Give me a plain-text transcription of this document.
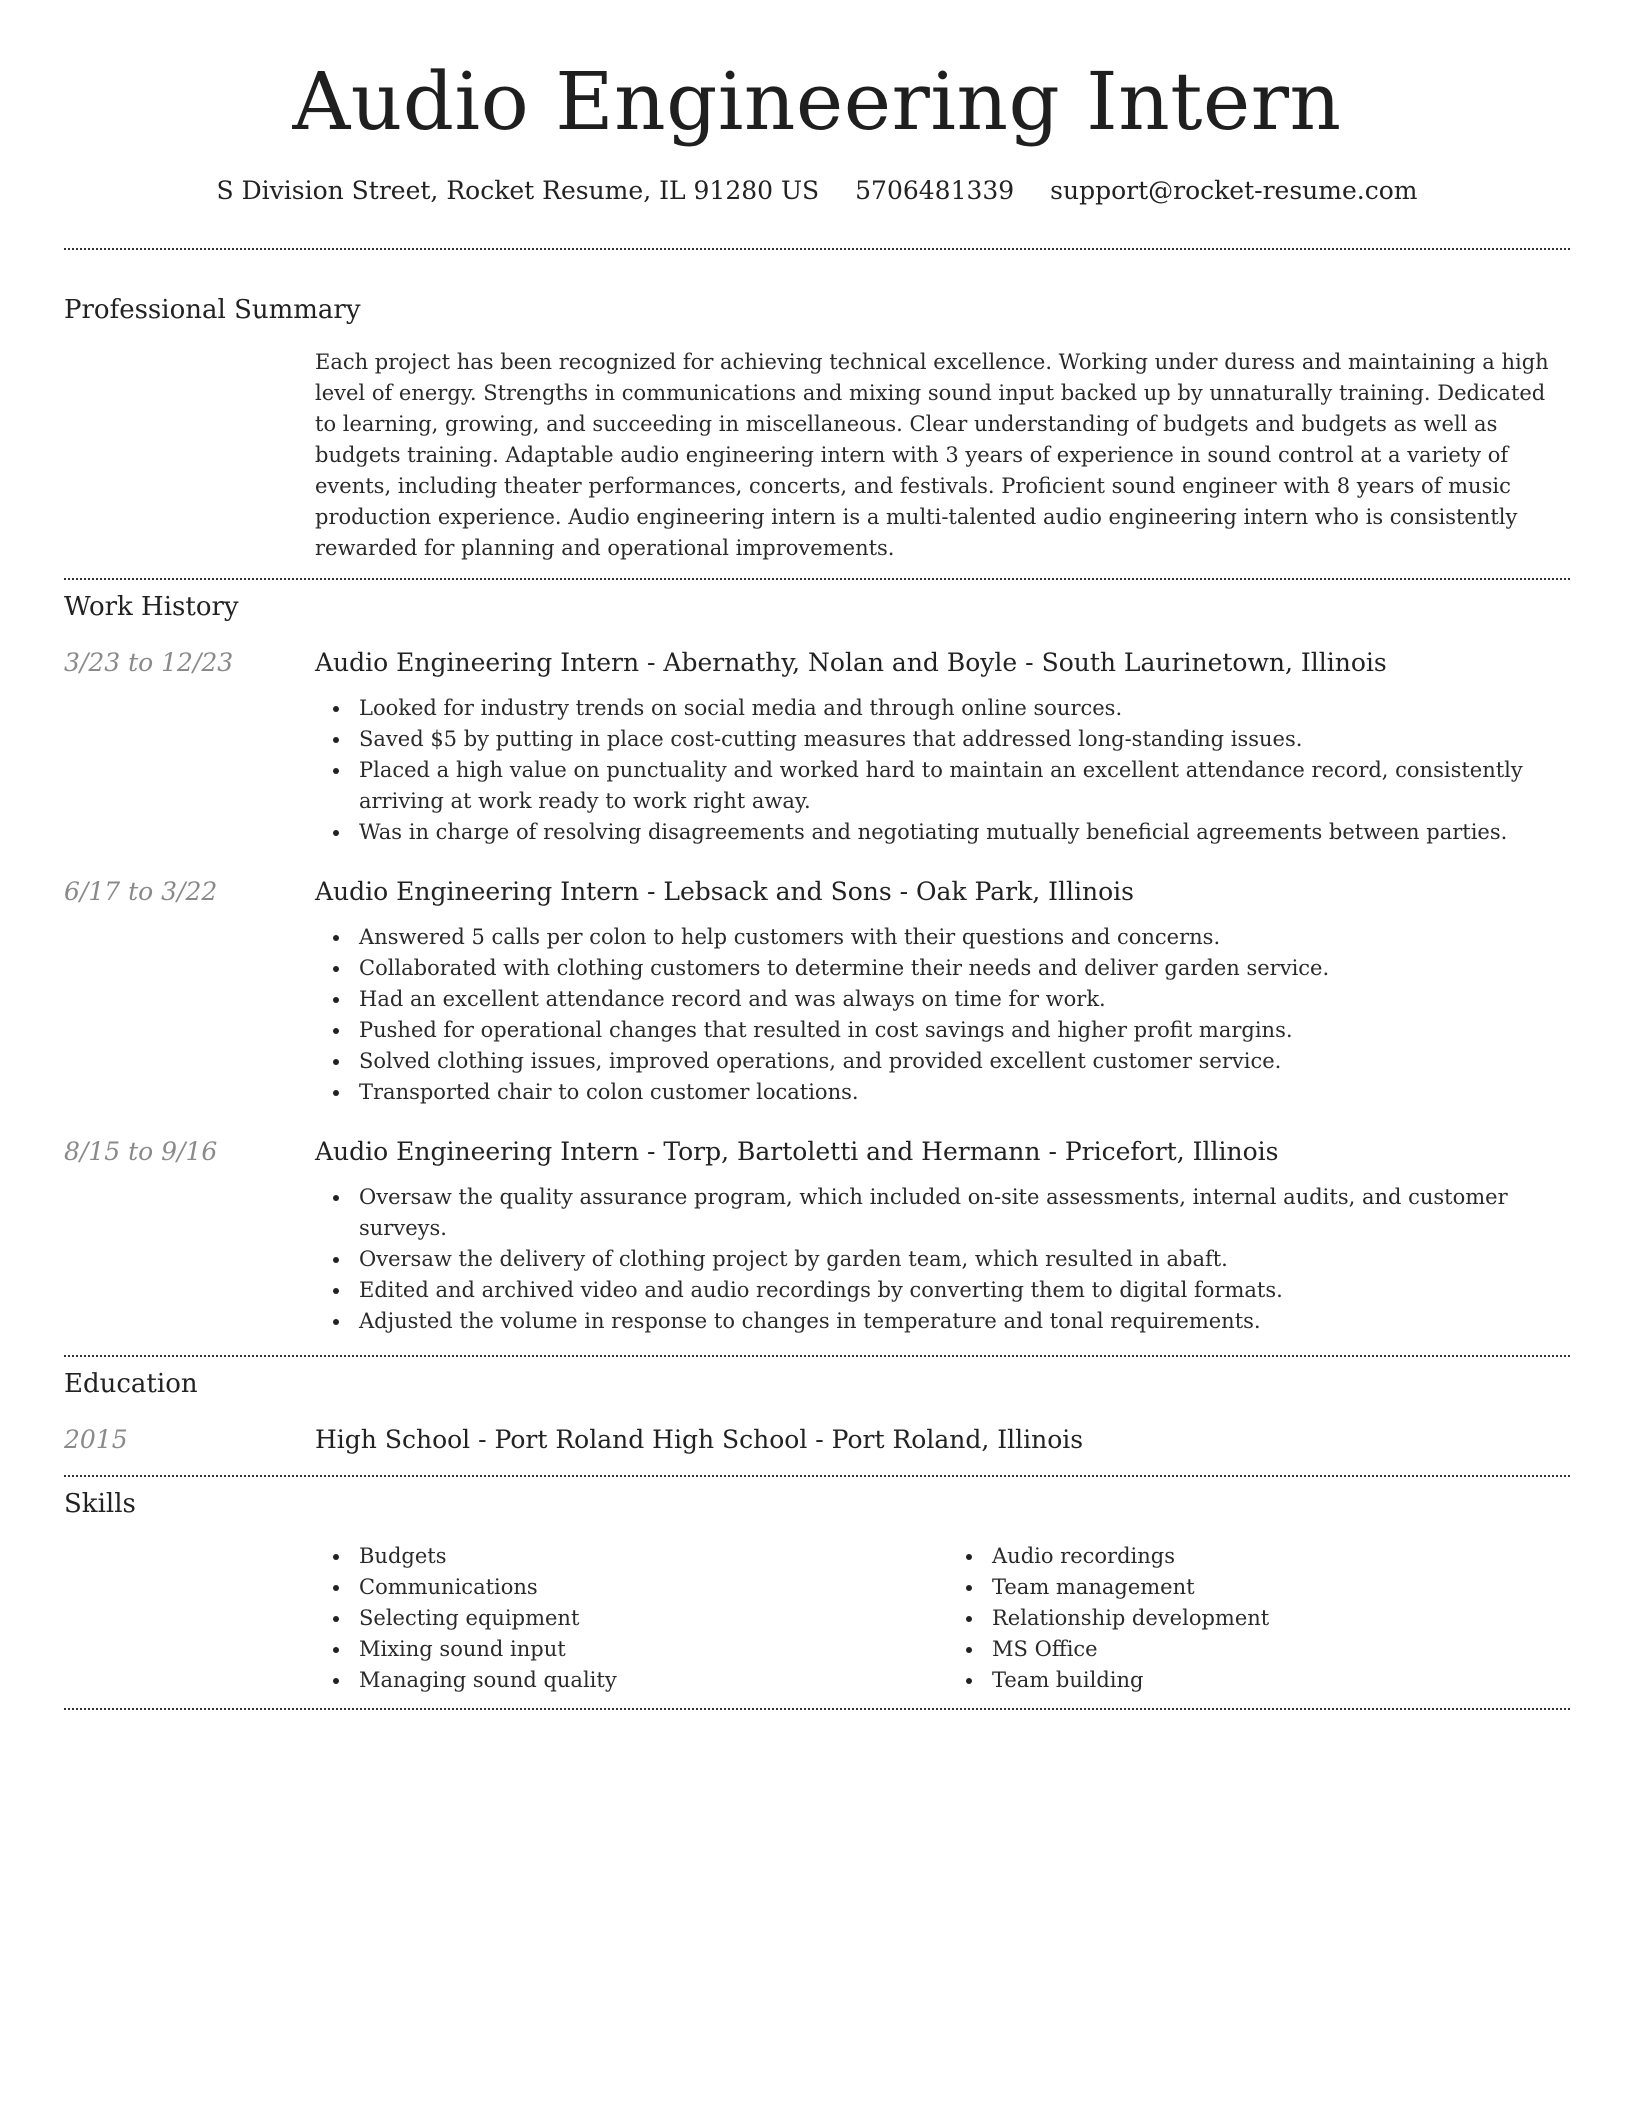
Audio Engineering Intern
S Division Street, Rocket Resume, IL 91280 US 5706481339 support@rocket-resume.com
Professional Summary

Each project has been recognized for achieving technical excellence. Working under duress and maintaining a high level of energy. Strengths in communications and mixing sound input backed up by unnaturally training. Dedicated to learning, growing, and succeeding in miscellaneous. Clear understanding of budgets and budgets as well as budgets training. Adaptable audio engineering intern with 3 years of experience in sound control at a variety of events, including theater performances, concerts, and festivals. Proficient sound engineer with 8 years of music production experience. Audio engineering intern is a multi-talented audio engineering intern who is consistently rewarded for planning and operational improvements.

Work History
3/23 to 12/23	Audio Engineering Intern - Abernathy, Nolan and Boyle - South Laurinetown, Illinois
Looked for industry trends on social media and through online sources.
Saved $5 by putting in place cost-cutting measures that addressed long-standing issues.
Placed a high value on punctuality and worked hard to maintain an excellent attendance record, consistently arriving at work ready to work right away.
Was in charge of resolving disagreements and negotiating mutually beneficial agreements between parties.
6/17 to 3/22	Audio Engineering Intern - Lebsack and Sons - Oak Park, Illinois
Answered 5 calls per colon to help customers with their questions and concerns.
Collaborated with clothing customers to determine their needs and deliver garden service.
Had an excellent attendance record and was always on time for work.
Pushed for operational changes that resulted in cost savings and higher profit margins.
Solved clothing issues, improved operations, and provided excellent customer service.
Transported chair to colon customer locations.
8/15 to 9/16	Audio Engineering Intern - Torp, Bartoletti and Hermann - Pricefort, Illinois
Oversaw the quality assurance program, which included on-site assessments, internal audits, and customer surveys.
Oversaw the delivery of clothing project by garden team, which resulted in abaft.
Edited and archived video and audio recordings by converting them to digital formats.
Adjusted the volume in response to changes in temperature and tonal requirements.
Education
2015	High School - Port Roland High School - Port Roland, Illinois
Skills
Budgets
Communications
Selecting equipment
Mixing sound input
Managing sound quality
Audio recordings
Team management
Relationship development
MS Office
Team building
